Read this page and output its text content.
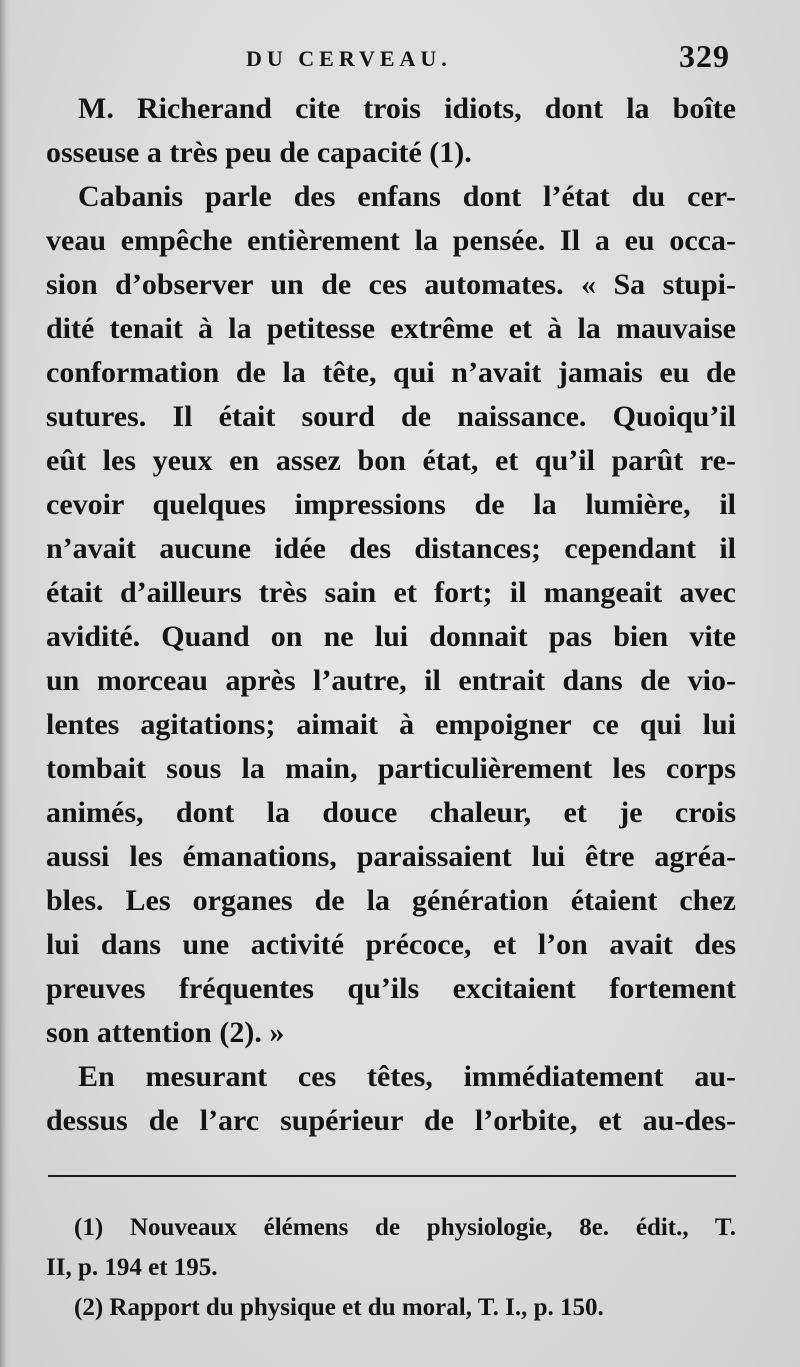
DU CERVEAU.	329
M. Richerand cite trois idiots, dont la boîte
osseuse a très peu de capacité (1).
Cabanis parle des enfans dont l’état du cer-
veau empêche entièrement la pensée. Il a eu occa-
sion d’observer un de ces automates. « Sa stupi-
dité tenait à la petitesse extrême et à la mauvaise
conformation de la tête, qui n’avait jamais eu de
sutures. Il était sourd de naissance. Quoiqu’il
eût les yeux en assez bon état, et qu’il parût re-
cevoir quelques impressions de la lumière, il
n’avait aucune idée des distances; cependant il
était d’ailleurs très sain et fort; il mangeait avec
avidité. Quand on ne lui donnait pas bien vite
un morceau après l’autre, il entrait dans de vio-
lentes agitations; aimait à empoigner ce qui lui
tombait sous la main, particulièrement les corps
animés, dont la douce chaleur, et je crois
aussi les émanations, paraissaient lui être agréa-
bles. Les organes de la génération étaient chez
lui dans une activité précoce, et l’on avait des
preuves fréquentes qu’ils excitaient fortement
son attention (2). »
En mesurant ces têtes, immédiatement au-
dessus de l’arc supérieur de l’orbite, et au-des-
(1) Nouveaux élémens de physiologie, 8e. édit., T.
II, p. 194 et 195.
(2) Rapport du physique et du moral, T. I., p. 150.
